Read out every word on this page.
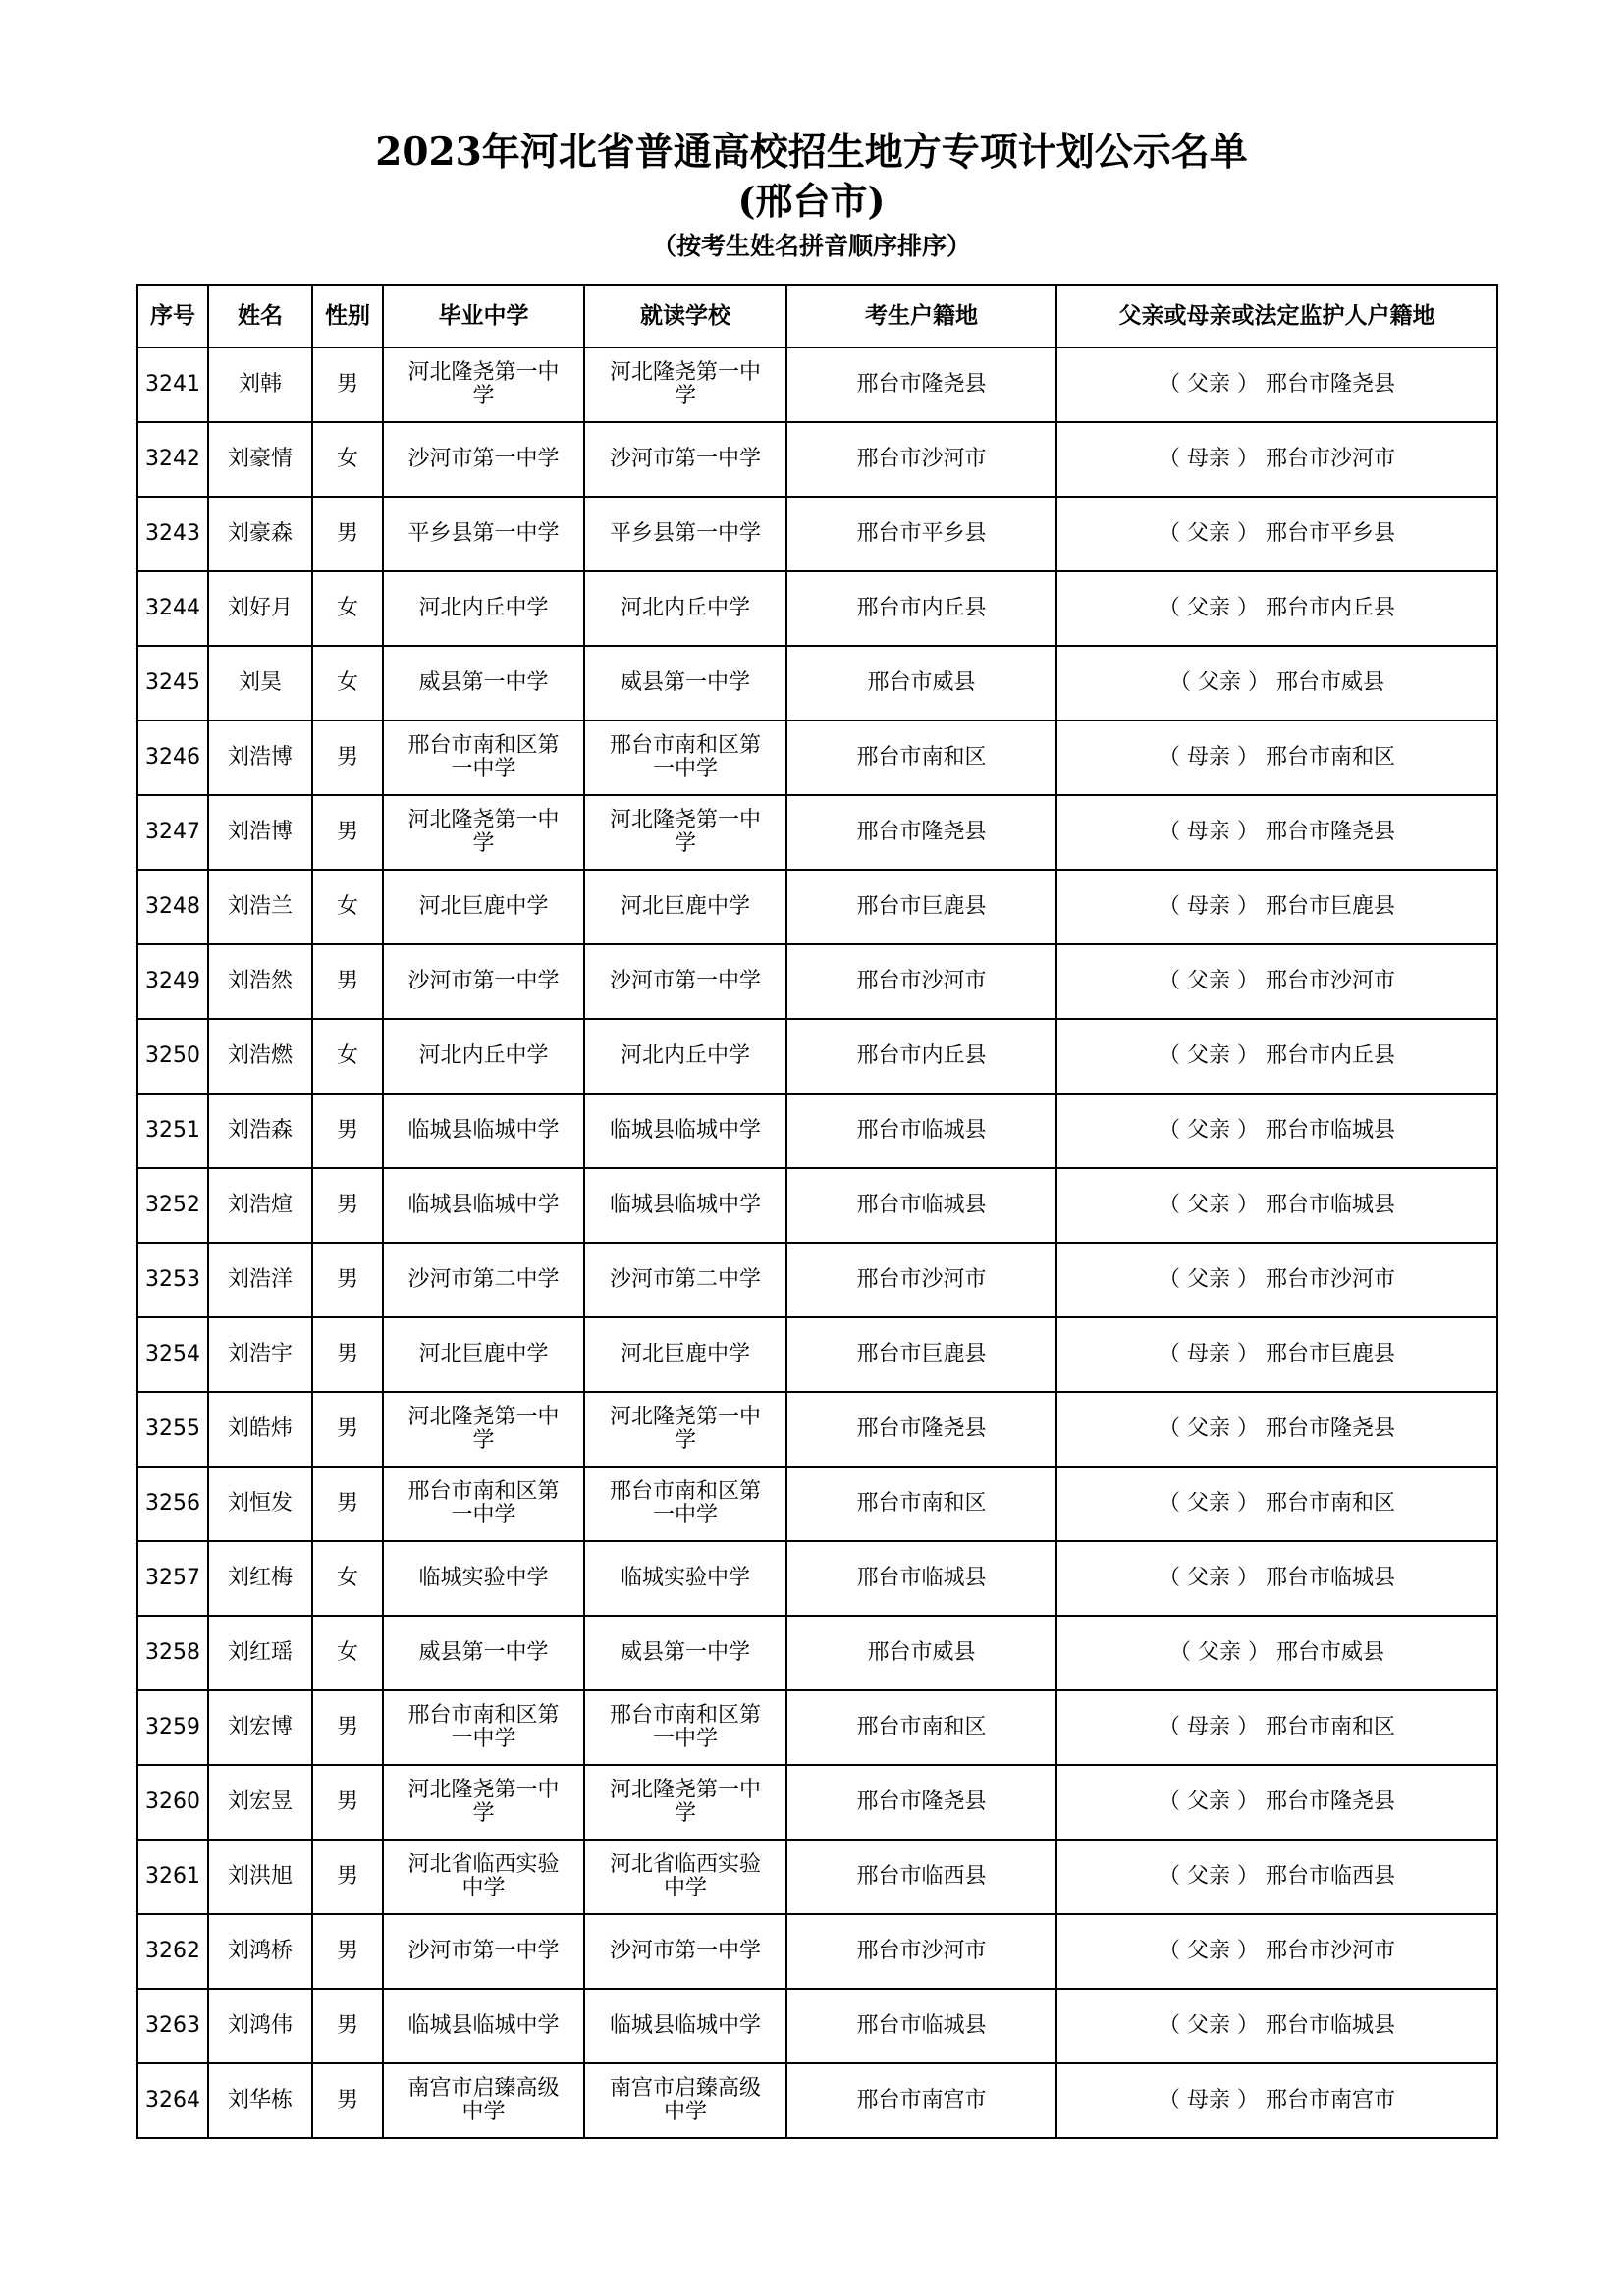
2023年河北省普通高校招生地方专项计划公示名单
(邢台市)
（按考生姓名拼音顺序排序）
序号	姓名	性别	毕业中学	就读学校	考生户籍地	父亲或母亲或法定监护人户籍地
3241	刘韩	男	河北隆尧第一中学	河北隆尧第一中学	邢台市隆尧县	（ 父亲 ） 邢台市隆尧县
3242	刘豪情	女	沙河市第一中学	沙河市第一中学	邢台市沙河市	（ 母亲 ） 邢台市沙河市
3243	刘豪森	男	平乡县第一中学	平乡县第一中学	邢台市平乡县	（ 父亲 ） 邢台市平乡县
3244	刘好月	女	河北内丘中学	河北内丘中学	邢台市内丘县	（ 父亲 ） 邢台市内丘县
3245	刘昊	女	威县第一中学	威县第一中学	邢台市威县	（ 父亲 ） 邢台市威县
3246	刘浩博	男	邢台市南和区第一中学	邢台市南和区第一中学	邢台市南和区	（ 母亲 ） 邢台市南和区
3247	刘浩博	男	河北隆尧第一中学	河北隆尧第一中学	邢台市隆尧县	（ 母亲 ） 邢台市隆尧县
3248	刘浩兰	女	河北巨鹿中学	河北巨鹿中学	邢台市巨鹿县	（ 母亲 ） 邢台市巨鹿县
3249	刘浩然	男	沙河市第一中学	沙河市第一中学	邢台市沙河市	（ 父亲 ） 邢台市沙河市
3250	刘浩燃	女	河北内丘中学	河北内丘中学	邢台市内丘县	（ 父亲 ） 邢台市内丘县
3251	刘浩森	男	临城县临城中学	临城县临城中学	邢台市临城县	（ 父亲 ） 邢台市临城县
3252	刘浩煊	男	临城县临城中学	临城县临城中学	邢台市临城县	（ 父亲 ） 邢台市临城县
3253	刘浩洋	男	沙河市第二中学	沙河市第二中学	邢台市沙河市	（ 父亲 ） 邢台市沙河市
3254	刘浩宇	男	河北巨鹿中学	河北巨鹿中学	邢台市巨鹿县	（ 母亲 ） 邢台市巨鹿县
3255	刘皓炜	男	河北隆尧第一中学	河北隆尧第一中学	邢台市隆尧县	（ 父亲 ） 邢台市隆尧县
3256	刘恒发	男	邢台市南和区第一中学	邢台市南和区第一中学	邢台市南和区	（ 父亲 ） 邢台市南和区
3257	刘红梅	女	临城实验中学	临城实验中学	邢台市临城县	（ 父亲 ） 邢台市临城县
3258	刘红瑶	女	威县第一中学	威县第一中学	邢台市威县	（ 父亲 ） 邢台市威县
3259	刘宏博	男	邢台市南和区第一中学	邢台市南和区第一中学	邢台市南和区	（ 母亲 ） 邢台市南和区
3260	刘宏昱	男	河北隆尧第一中学	河北隆尧第一中学	邢台市隆尧县	（ 父亲 ） 邢台市隆尧县
3261	刘洪旭	男	河北省临西实验中学	河北省临西实验中学	邢台市临西县	（ 父亲 ） 邢台市临西县
3262	刘鸿桥	男	沙河市第一中学	沙河市第一中学	邢台市沙河市	（ 父亲 ） 邢台市沙河市
3263	刘鸿伟	男	临城县临城中学	临城县临城中学	邢台市临城县	（ 父亲 ） 邢台市临城县
3264	刘华栋	男	南宫市启臻高级中学	南宫市启臻高级中学	邢台市南宫市	（ 母亲 ） 邢台市南宫市
